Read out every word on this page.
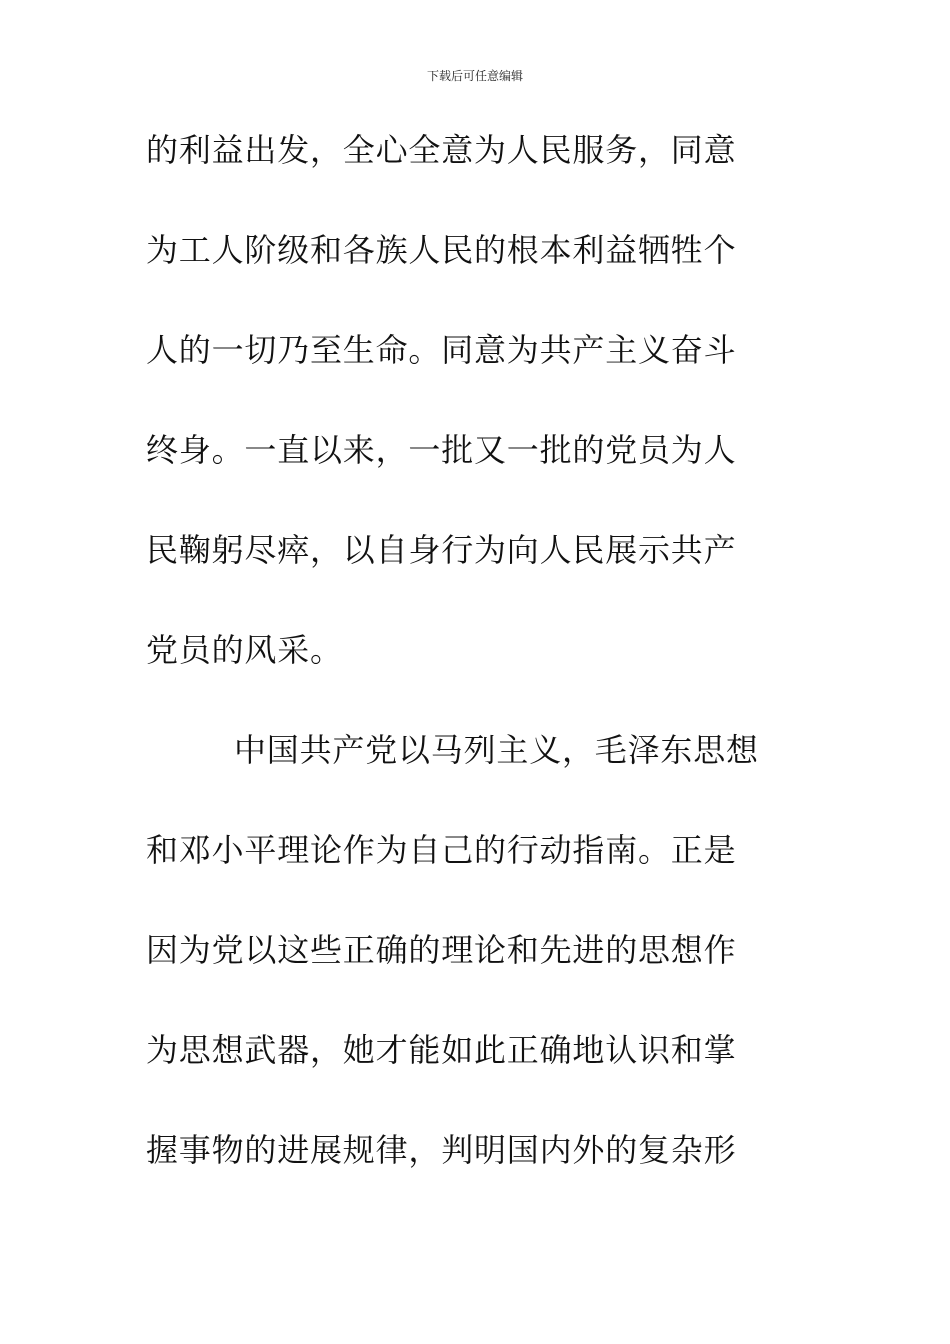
下载后可任意编辑
的利益出发，全心全意为人民服务，同意
为工人阶级和各族人民的根本利益牺牲个
人的一切乃至生命。同意为共产主义奋斗
终身。一直以来，一批又一批的党员为人
民鞠躬尽瘁，以自身行为向人民展示共产
党员的风采。
中国共产党以马列主义，毛泽东思想
和邓小平理论作为自己的行动指南。正是
因为党以这些正确的理论和先进的思想作
为思想武器，她才能如此正确地认识和掌
握事物的进展规律，判明国内外的复杂形
